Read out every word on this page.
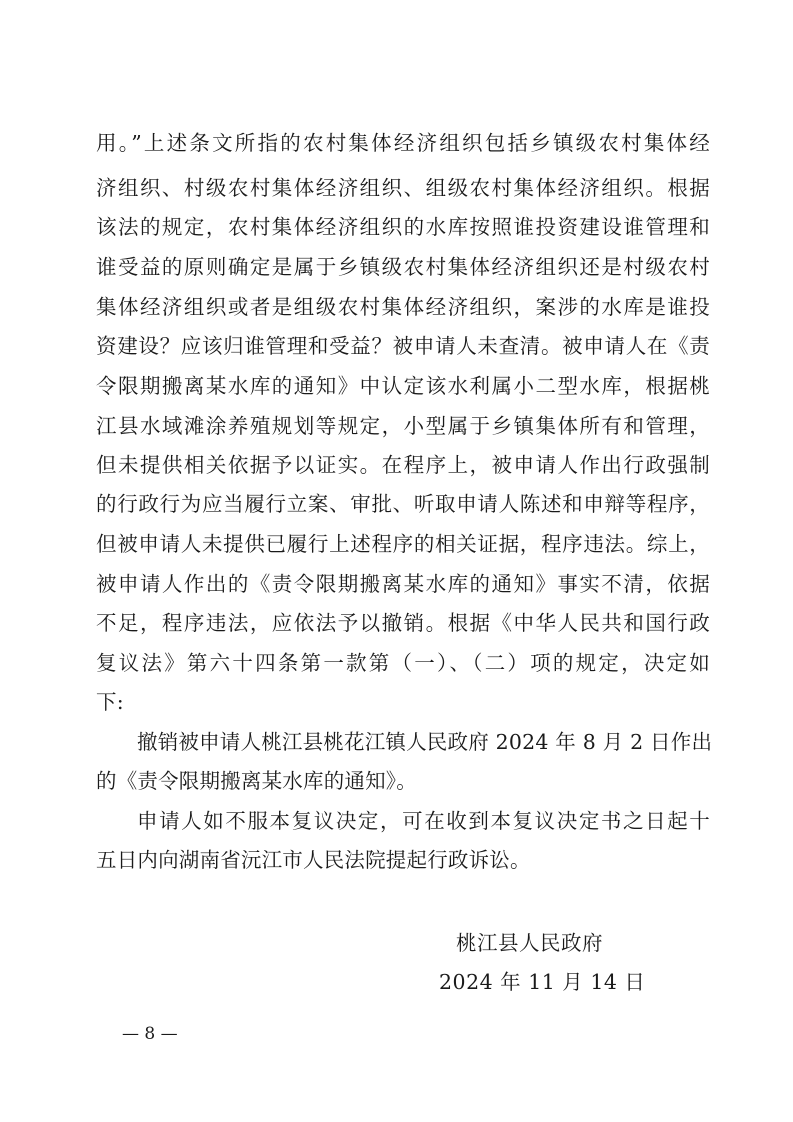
用。”上述条文所指的农村集体经济组织包括乡镇级农村集体经
济组织、村级农村集体经济组织、组级农村集体经济组织。根据
该法的规定，农村集体经济组织的水库按照谁投资建设谁管理和
谁受益的原则确定是属于乡镇级农村集体经济组织还是村级农村
集体经济组织或者是组级农村集体经济组织，案涉的水库是谁投
资建设？应该归谁管理和受益？被申请人未查清。被申请人在《责
令限期搬离某水库的通知》中认定该水利属小二型水库，根据桃
江县水域滩涂养殖规划等规定，小型属于乡镇集体所有和管理，
但未提供相关依据予以证实。在程序上，被申请人作出行政强制
的行政行为应当履行立案、审批、听取申请人陈述和申辩等程序，
但被申请人未提供已履行上述程序的相关证据，程序违法。综上，
被申请人作出的《责令限期搬离某水库的通知》事实不清，依据
不足，程序违法，应依法予以撤销。根据《中华人民共和国行政
复议法》第六十四条第一款第（一）、（二）项的规定，决定如
下:
撤销被申请人桃江县桃花江镇人民政府 2024 年 8 月 2 日作出
的《责令限期搬离某水库的通知》。
申请人如不服本复议决定，可在收到本复议决定书之日起十
五日内向湖南省沅江市人民法院提起行政诉讼。
桃江县人民政府
2024 年 11 月 14 日
— 8 —
